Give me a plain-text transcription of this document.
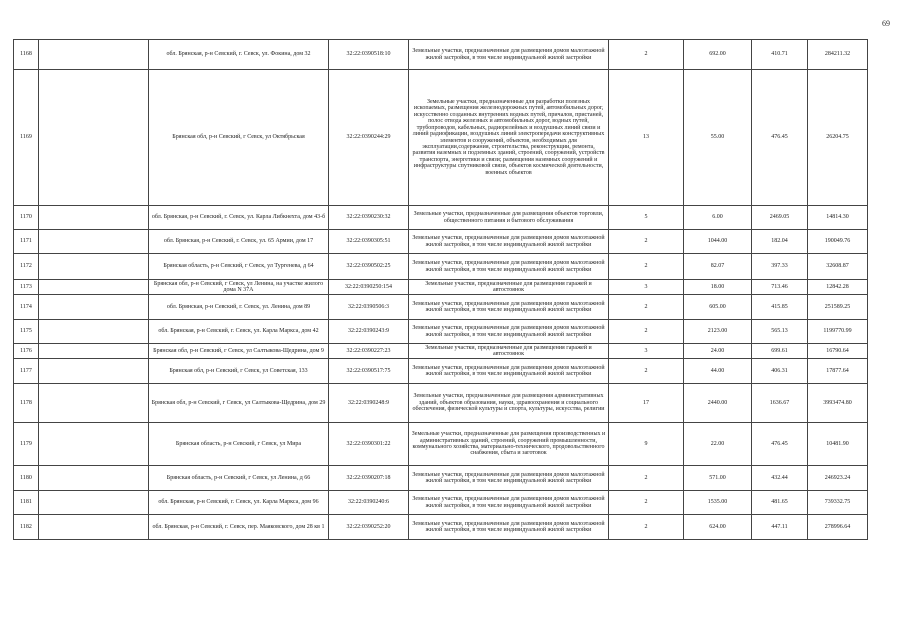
69
1168		обл. Брянская, р-н Севский, г. Севск, ул. Фокина, дом 32	32:22:0390518:10	Земельные участки, предназначенные для размещения домов малоэтажной жилой застройки, в том числе индивидуальной жилой застройки	2	692.00	410.71	284211.32
1169		Брянская обл, р-н Севский, г Севск, ул Октябрьская	32:22:0390244:29	Земельные участки, предназначенные для разработки полезных ископаемых, размещения железнодорожных путей, автомобильных дорог, искусственно созданных внутренних водных путей, причалов, пристаней, полос отвода железных и автомобильных дорог, водных путей, трубопроводов, кабельных, радиорелейных и воздушных линий связи и линий радиофикации, воздушных линий электропередачи конструктивных элементов и сооружений, объектов, необходимых для эксплуатации,содержания, строительства, реконструкции, ремонта, развития наземных и подземных зданий, строений, сооружений, устройств транспорта, энергетики и связи; размещения наземных сооружений и инфраструктуры спутниковой связи, объектов космической деятельности, военных объектов	13	55.00	476.45	26204.75
1170		обл. Брянская, р-н Севский, г. Севск, ул. Карла Либкнехта, дом 43-б	32:22:0390230:32	Земельные участки, предназначенные для размещения объектов торговли, общественного питания и бытового обслуживания	5	6.00	2469.05	14814.30
1171		обл. Брянская, р-н Севский, г. Севск, ул. 65 Армии, дом 17	32:22:0390305:51	Земельные участки, предназначенные для размещения домов малоэтажной жилой застройки, в том числе индивидуальной жилой застройки	2	1044.00	182.04	190049.76
1172		Брянская область, р-н Севский, г Севск, ул Тургенева, д 64	32:22:0390502:25	Земельные участки, предназначенные для размещения домов малоэтажной жилой застройки, в том числе индивидуальной жилой застройки	2	82.07	397.33	32608.87
1173		Брянская обл, р-н Севский, г Севск, ул Ленина, на участке жилого дома N 37А	32:22:0390250:154	Земельные участки, предназначенные для размещения гаражей и автостоянок	3	18.00	713.46	12842.28
1174		обл. Брянская, р-н Севский, г. Севск, ул. Ленина, дом 89	32:22:0390506:3	Земельные участки, предназначенные для размещения домов малоэтажной жилой застройки, в том числе индивидуальной жилой застройки	2	605.00	415.85	251589.25
1175		обл. Брянская, р-н Севский, г. Севск, ул. Карла Маркса, дом 42	32:22:0390243:9	Земельные участки, предназначенные для размещения домов малоэтажной жилой застройки, в том числе индивидуальной жилой застройки	2	2123.00	565.13	1199770.99
1176		Брянская обл, р-н Севский, г Севск, ул Салтыкова-Щедрина, дом 9	32:22:0390227:23	Земельные участки, предназначенные для размещения гаражей и автостоянок	3	24.00	699.61	16790.64
1177		Брянская обл, р-н Севский, г Севск, ул Советская, 133	32:22:0390517:75	Земельные участки, предназначенные для размещения домов малоэтажной жилой застройки, в том числе индивидуальной жилой застройки	2	44.00	406.31	17877.64
1178		Брянская обл, р-н Севский, г Севск, ул Салтыкова-Щедрина, дом 29	32:22:0390248:9	Земельные участки, предназначенные для размещения административных зданий, объектов образования, науки, здравоохранения и социального обеспечения, физической культуры и спорта, культуры, искусства, религии	17	2440.00	1636.67	3993474.80
1179		Брянская область, р-н Севский, г Севск, ул Мира	32:22:0390301:22	Земельные участки, предназначенные для размещения производственных и административных зданий, строений, сооружений промышленности, коммунального хозяйства, материально-технического, продовольственного снабжения, сбыта и заготовок	9	22.00	476.45	10481.90
1180		Брянская область, р-н Севский, г Севск, ул Ленина, д 66	32:22:0390207:18	Земельные участки, предназначенные для размещения домов малоэтажной жилой застройки, в том числе индивидуальной жилой застройки	2	571.00	432.44	246923.24
1181		обл. Брянская, р-н Севский, г. Севск, ул. Карла Маркса, дом 96	32:22:0390240:6	Земельные участки, предназначенные для размещения домов малоэтажной жилой застройки, в том числе индивидуальной жилой застройки	2	1535.00	481.65	739332.75
1182		обл. Брянская, р-н Севский, г. Севск, пер. Маяковского, дом 28 кв 1	32:22:0390252:20	Земельные участки, предназначенные для размещения домов малоэтажной жилой застройки, в том числе индивидуальной жилой застройки	2	624.00	447.11	278996.64
